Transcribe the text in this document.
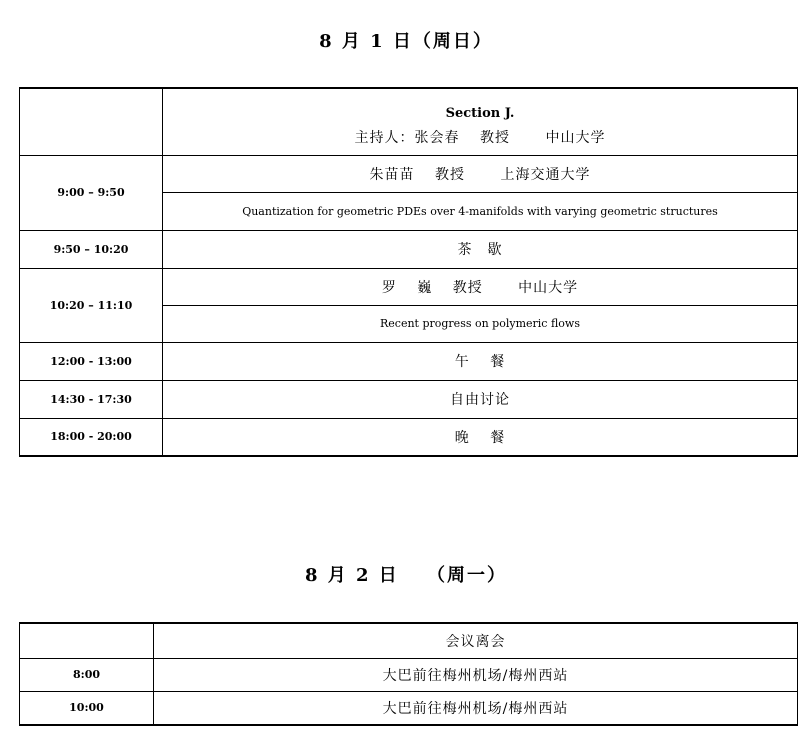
8 月 1 日（周日）

	Section J.
主持人：张会春　 教授　　 中山大学

9:00 – 9:50	朱苗苗　 教授　　 上海交通大学
	Quantization for geometric PDEs over 4-manifolds with varying geometric structures
9:50 – 10:20	茶　歇
10:20 – 11:10	罗　 巍　 教授　　 中山大学
	Recent progress on polymeric flows
12:00 - 13:00	午　 餐
14:30 - 17:30	自由讨论
18:00 - 20:00	晚　 餐
8 月 2 日　 （周一）
	会议离会
8:00	大巴前往梅州机场/梅州西站
10:00	大巴前往梅州机场/梅州西站
